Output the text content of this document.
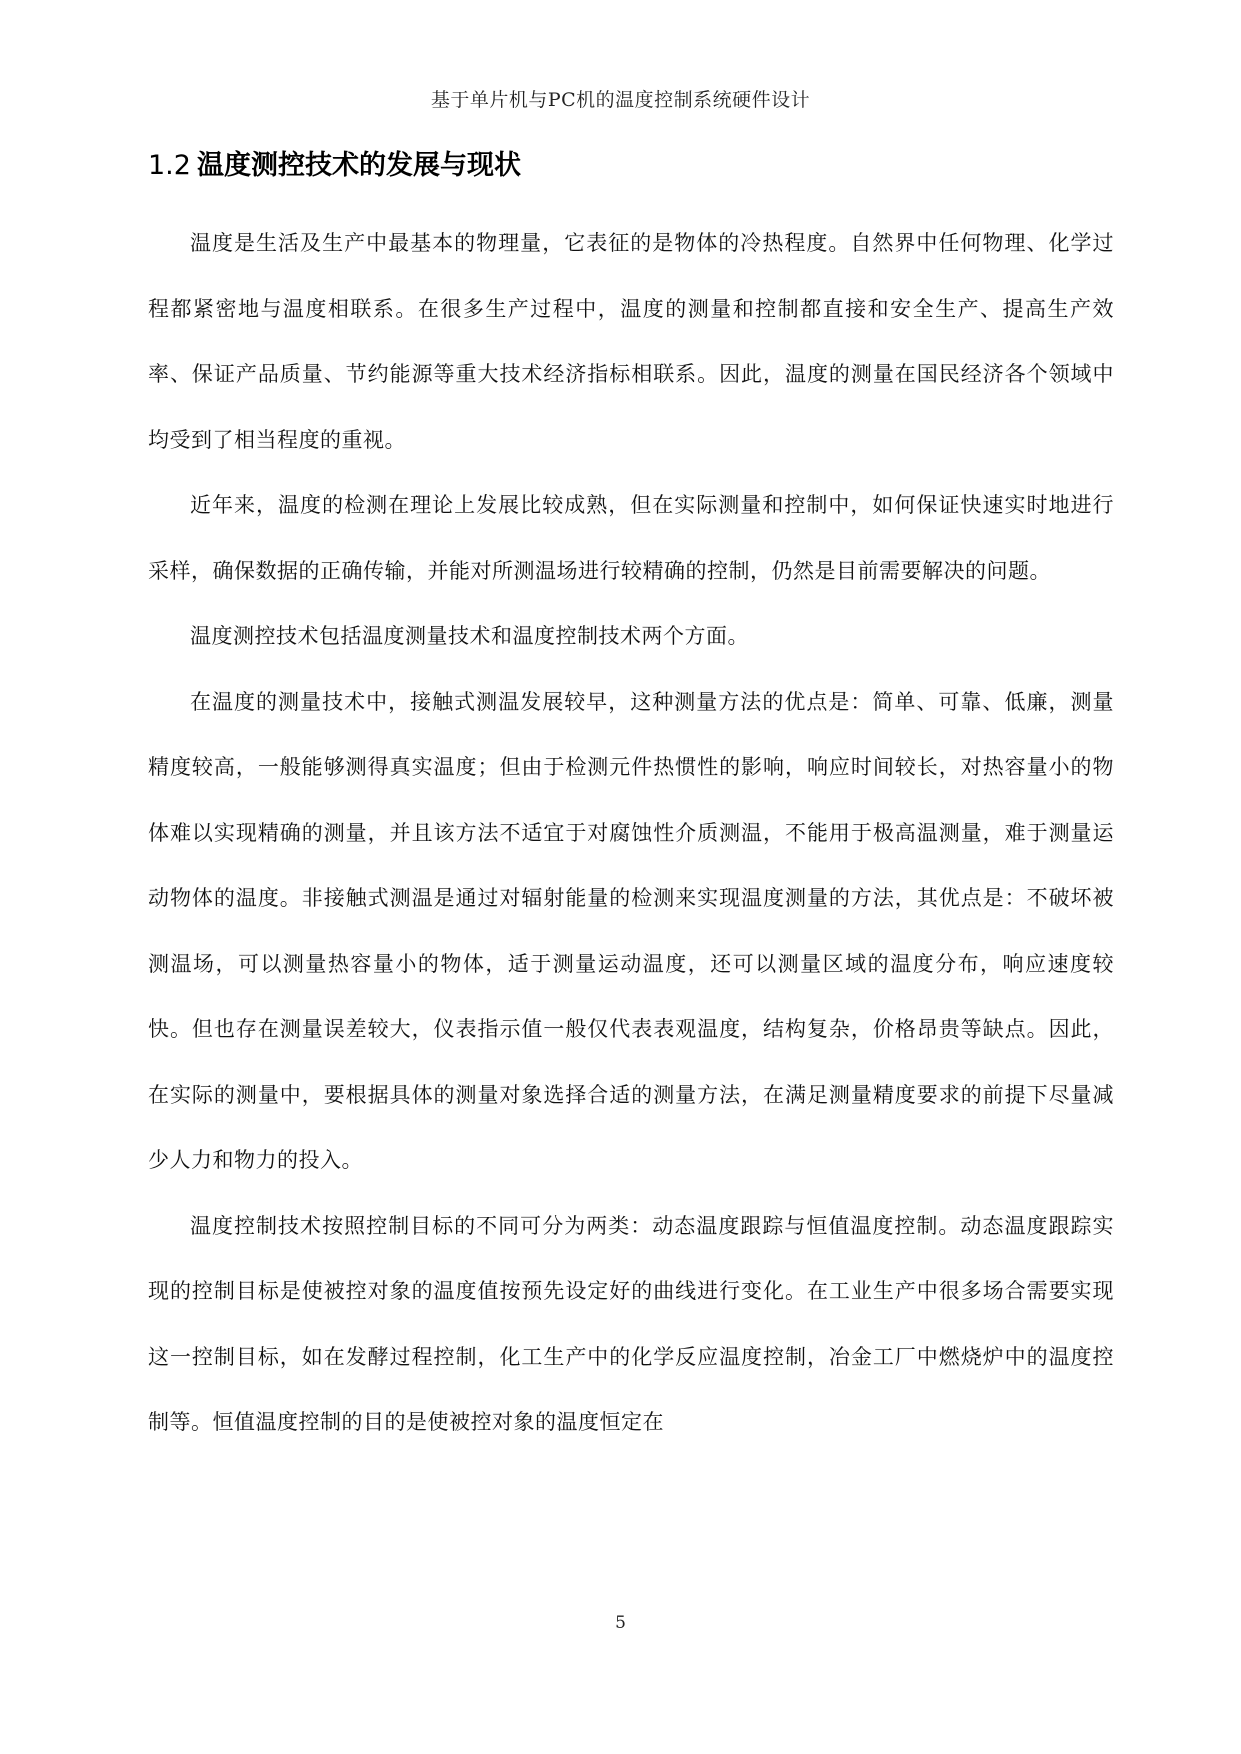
基于单片机与PC机的温度控制系统硬件设计
1.2 温度测控技术的发展与现状

温度是生活及生产中最基本的物理量，它表征的是物体的冷热程度。自然界中任何物理、化学过程都紧密地与温度相联系。在很多生产过程中，温度的测量和控制都直接和安全生产、提高生产效率、保证产品质量、节约能源等重大技术经济指标相联系。因此，温度的测量在国民经济各个领域中均受到了相当程度的重视。

近年来，温度的检测在理论上发展比较成熟，但在实际测量和控制中，如何保证快速实时地进行采样，确保数据的正确传输，并能对所测温场进行较精确的控制，仍然是目前需要解决的问题。

温度测控技术包括温度测量技术和温度控制技术两个方面。

在温度的测量技术中，接触式测温发展较早，这种测量方法的优点是：简单、可靠、低廉，测量精度较高，一般能够测得真实温度；但由于检测元件热惯性的影响，响应时间较长，对热容量小的物体难以实现精确的测量，并且该方法不适宜于对腐蚀性介质测温，不能用于极高温测量，难于测量运动物体的温度。非接触式测温是通过对辐射能量的检测来实现温度测量的方法，其优点是：不破坏被测温场，可以测量热容量小的物体，适于测量运动温度，还可以测量区域的温度分布，响应速度较快。但也存在测量误差较大，仪表指示值一般仅代表表观温度，结构复杂，价格昂贵等缺点。因此，在实际的测量中，要根据具体的测量对象选择合适的测量方法，在满足测量精度要求的前提下尽量减少人力和物力的投入。

温度控制技术按照控制目标的不同可分为两类：动态温度跟踪与恒值温度控制。动态温度跟踪实现的控制目标是使被控对象的温度值按预先设定好的曲线进行变化。在工业生产中很多场合需要实现这一控制目标，如在发酵过程控制，化工生产中的化学反应温度控制，冶金工厂中燃烧炉中的温度控制等。恒值温度控制的目的是使被控对象的温度恒定在

5
